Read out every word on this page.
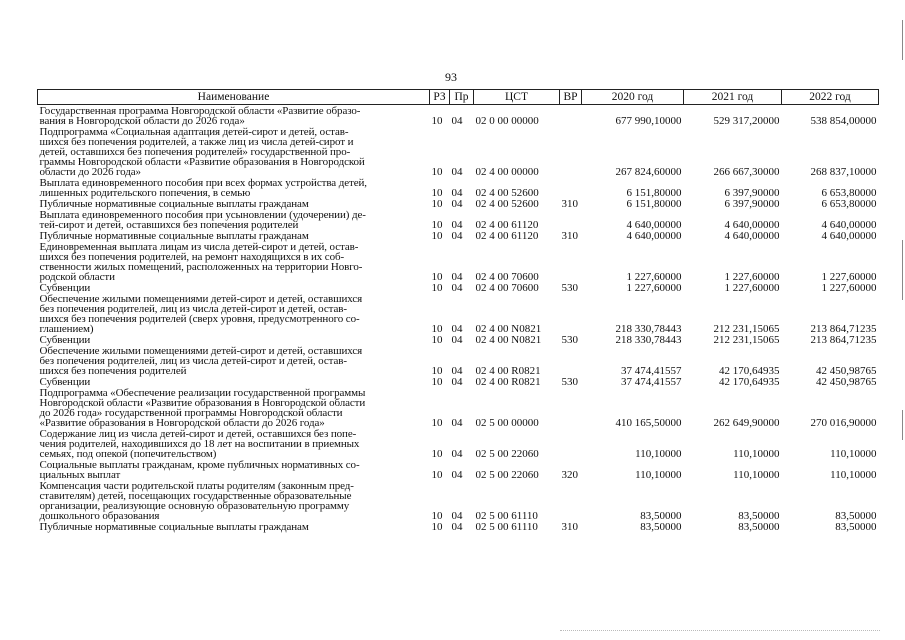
93
Наименование	РЗ	Пр	ЦСТ	ВР	2020 год	2021 год	2022 год

Государственная программа Новгородской области «Развитие образо-
вания в Новгородской области до 2026 года»	10	04	02 0 00 00000		677 990,10000	529 317,20000	538 854,00000

Подпрограмма «Социальная адаптация детей-сирот и детей, остав-
шихся без попечения родителей, а также лиц из числа детей-сирот и
детей, оставшихся без попечения родителей» государственной про-
граммы Новгородской области «Развитие образования в Новгородской
области до 2026 года»	10	04	02 4 00 00000		267 824,60000	266 667,30000	268 837,10000

Выплата единовременного пособия при всех формах устройства детей,
лишенных родительского попечения, в семью	10	04	02 4 00 52600		6 151,80000	6 397,90000	6 653,80000

Публичные нормативные социальные выплаты гражданам	10	04	02 4 00 52600	310	6 151,80000	6 397,90000	6 653,80000

Выплата единовременного пособия при усыновлении (удочерении) де-
тей-сирот и детей, оставшихся без попечения родителей	10	04	02 4 00 61120		4 640,00000	4 640,00000	4 640,00000

Публичные нормативные социальные выплаты гражданам	10	04	02 4 00 61120	310	4 640,00000	4 640,00000	4 640,00000

Единовременная выплата лицам из числа детей-сирот и детей, остав-
шихся без попечения родителей, на ремонт находящихся в их соб-
ственности жилых помещений, расположенных на территории Новго-
родской области	10	04	02 4 00 70600		1 227,60000	1 227,60000	1 227,60000

Субвенции	10	04	02 4 00 70600	530	1 227,60000	1 227,60000	1 227,60000

Обеспечение жилыми помещениями детей-сирот и детей, оставшихся
без попечения родителей, лиц из числа детей-сирот и детей, остав-
шихся без попечения родителей (сверх уровня, предусмотренного со-
глашением)	10	04	02 4 00 N0821		218 330,78443	212 231,15065	213 864,71235

Субвенции	10	04	02 4 00 N0821	530	218 330,78443	212 231,15065	213 864,71235

Обеспечение жилыми помещениями детей-сирот и детей, оставшихся
без попечения родителей, лиц из числа детей-сирот и детей, остав-
шихся без попечения родителей	10	04	02 4 00 R0821		37 474,41557	42 170,64935	42 450,98765

Субвенции	10	04	02 4 00 R0821	530	37 474,41557	42 170,64935	42 450,98765

Подпрограмма «Обеспечение реализации государственной программы
Новгородской области «Развитие образования в Новгородской области
до 2026 года» государственной программы Новгородской области
«Развитие образования в Новгородской области до 2026 года»	10	04	02 5 00 00000		410 165,50000	262 649,90000	270 016,90000

Содержание лиц из числа детей-сирот и детей, оставшихся без попе-
чения родителей, находившихся до 18 лет на воспитании в приемных
семьях, под опекой (попечительством)	10	04	02 5 00 22060		110,10000	110,10000	110,10000

Социальные выплаты гражданам, кроме публичных нормативных со-
циальных выплат	10	04	02 5 00 22060	320	110,10000	110,10000	110,10000

Компенсация части родительской платы родителям (законным пред-
ставителям) детей, посещающих государственные образовательные
организации, реализующие основную образовательную программу
дошкольного образования	10	04	02 5 00 61110		83,50000	83,50000	83,50000

Публичные нормативные социальные выплаты гражданам	10	04	02 5 00 61110	310	83,50000	83,50000	83,50000
